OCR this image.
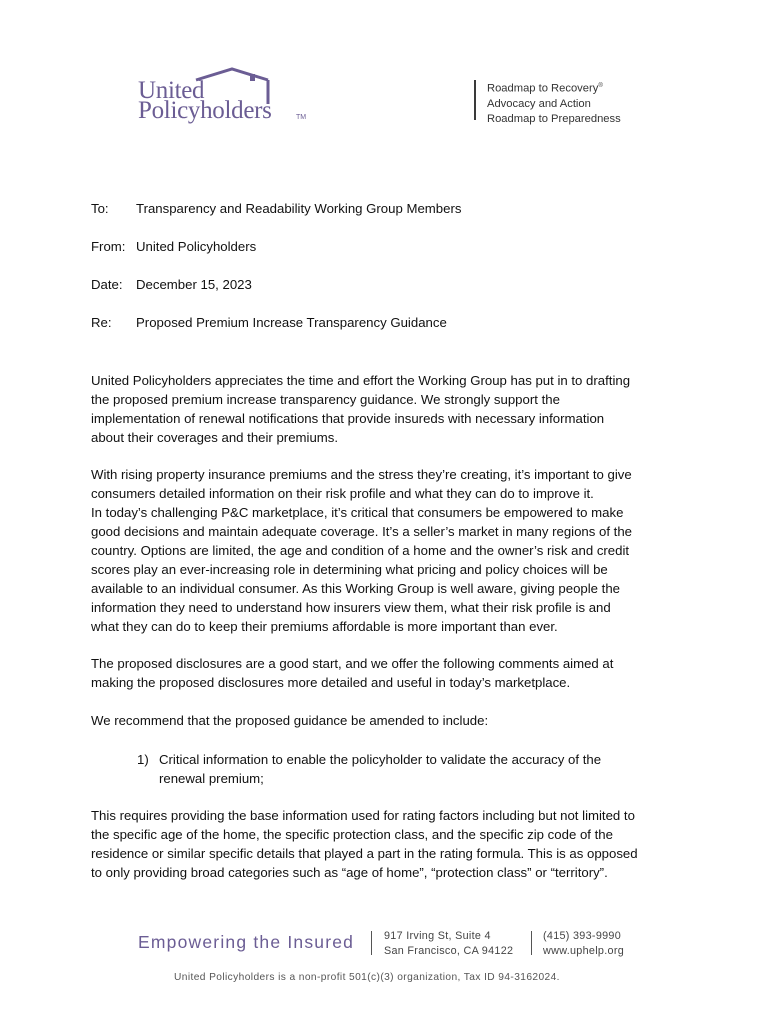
United
Policyholders	TM
Roadmap to Recovery®
Advocacy and Action
Roadmap to Preparedness
To: Transparency and Readability Working Group Members
From: United Policyholders
Date: December 15, 2023
Re: Proposed Premium Increase Transparency Guidance
United Policyholders appreciates the time and effort the Working Group has put in to drafting
the proposed premium increase transparency guidance. We strongly support the
implementation of renewal notifications that provide insureds with necessary information
about their coverages and their premiums.
With rising property insurance premiums and the stress they’re creating, it’s important to give
consumers detailed information on their risk profile and what they can do to improve it.
In today’s challenging P&C marketplace, it’s critical that consumers be empowered to make
good decisions and maintain adequate coverage. It’s a seller’s market in many regions of the
country. Options are limited, the age and condition of a home and the owner’s risk and credit
scores play an ever-increasing role in determining what pricing and policy choices will be
available to an individual consumer. As this Working Group is well aware, giving people the
information they need to understand how insurers view them, what their risk profile is and
what they can do to keep their premiums affordable is more important than ever.
The proposed disclosures are a good start, and we offer the following comments aimed at
making the proposed disclosures more detailed and useful in today’s marketplace.
We recommend that the proposed guidance be amended to include:
1) Critical information to enable the policyholder to validate the accuracy of the
renewal premium;
This requires providing the base information used for rating factors including but not limited to
the specific age of the home, the specific protection class, and the specific zip code of the
residence or similar specific details that played a part in the rating formula. This is as opposed
to only providing broad categories such as “age of home”, “protection class” or “territory”.
Empowering the Insured	917 Irving St, Suite 4
San Francisco, CA 94122
(415) 393-9990
www.uphelp.org
United Policyholders is a non-profit 501(c)(3) organization, Tax ID 94-3162024.
